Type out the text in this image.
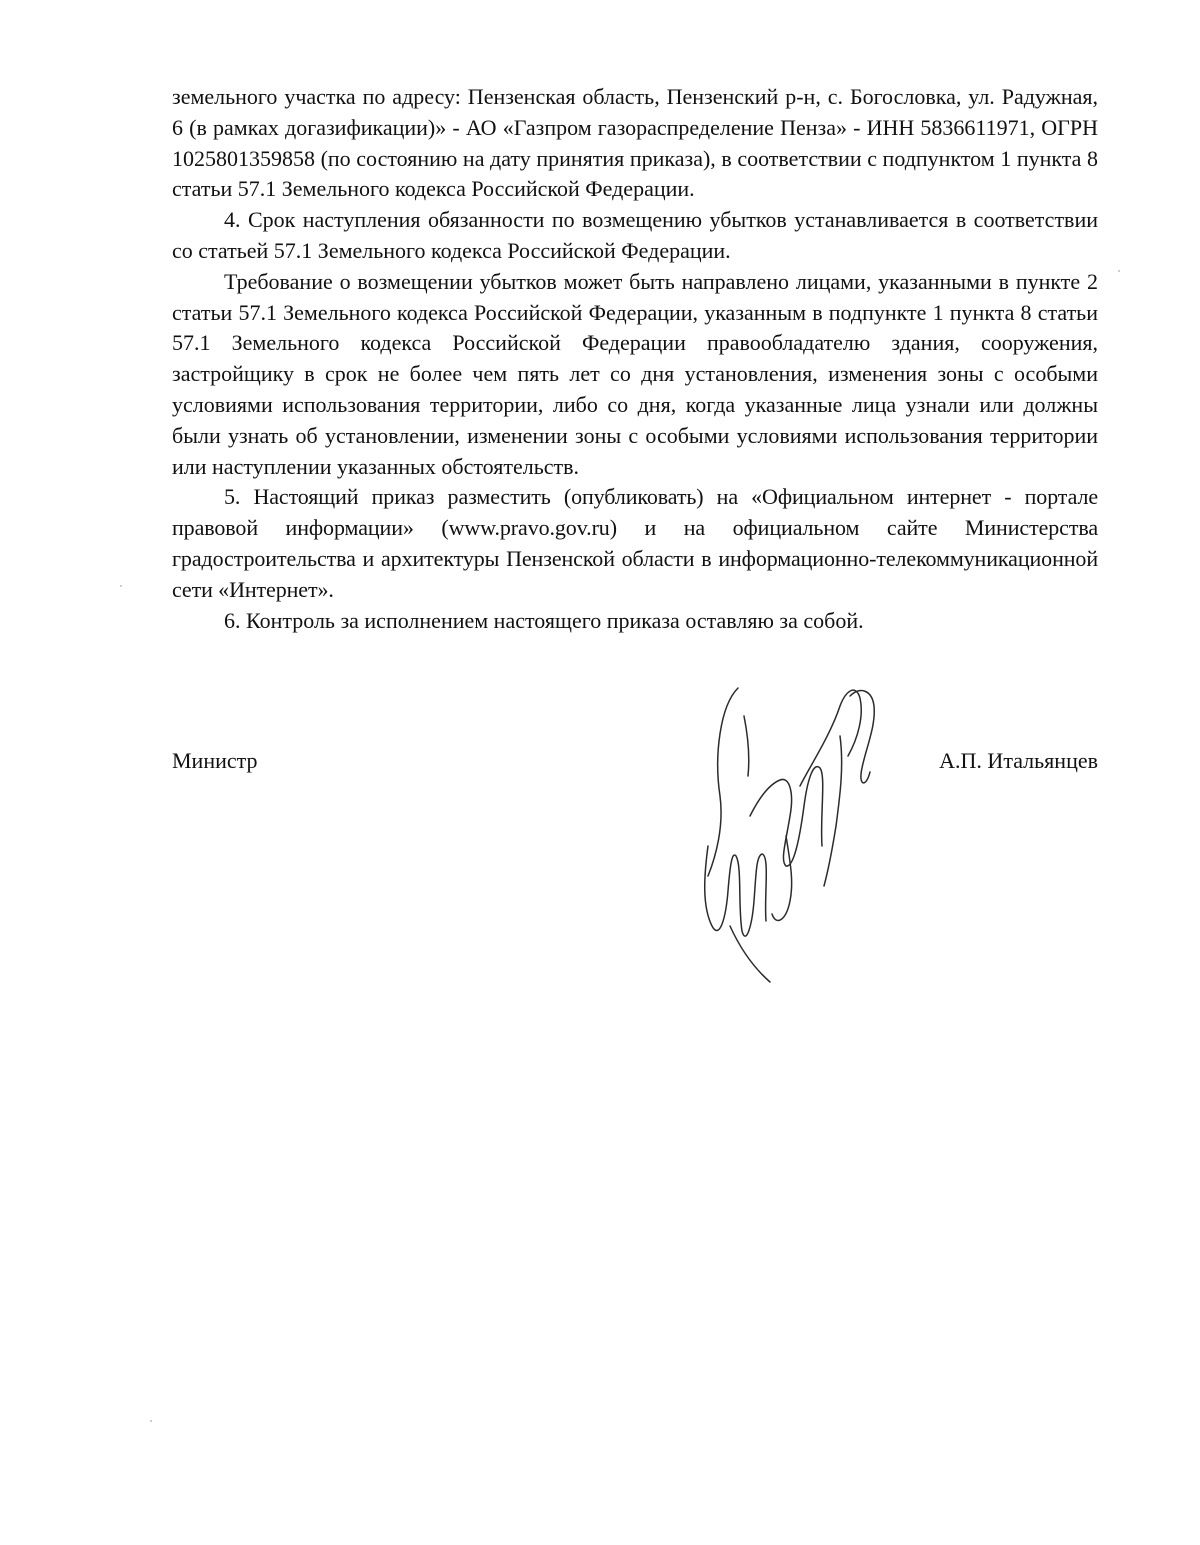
земельного участка по адресу: Пензенская область, Пензенский р-н, с. Богословка, ул. Радужная, 6 (в рамках догазификации)» - АО «Газпром газораспределение Пенза» - ИНН 5836611971, ОГРН 1025801359858 (по состоянию на дату принятия приказа), в соответствии с подпунктом 1 пункта 8 статьи 57.1 Земельного кодекса Российской Федерации.

4. Срок наступления обязанности по возмещению убытков устанавливается в соответствии со статьей 57.1 Земельного кодекса Российской Федерации.

Требование о возмещении убытков может быть направлено лицами, указанными в пункте 2 статьи 57.1 Земельного кодекса Российской Федерации, указанным в подпункте 1 пункта 8 статьи 57.1 Земельного кодекса Российской Федерации правообладателю здания, сооружения, застройщику в срок не более чем пять лет со дня установления, изменения зоны с особыми условиями использования территории, либо со дня, когда указанные лица узнали или должны были узнать об установлении, изменении зоны с особыми условиями использования территории или наступлении указанных обстоятельств.

5. Настоящий приказ разместить (опубликовать) на «Официальном интернет - портале правовой информации» (www.pravo.gov.ru) и на официальном сайте Министерства градостроительства и архитектуры Пензенской области в информационно-телекоммуникационной сети «Интернет».

6. Контроль за исполнением настоящего приказа оставляю за собой.

Министр	А.П. Итальянцев
